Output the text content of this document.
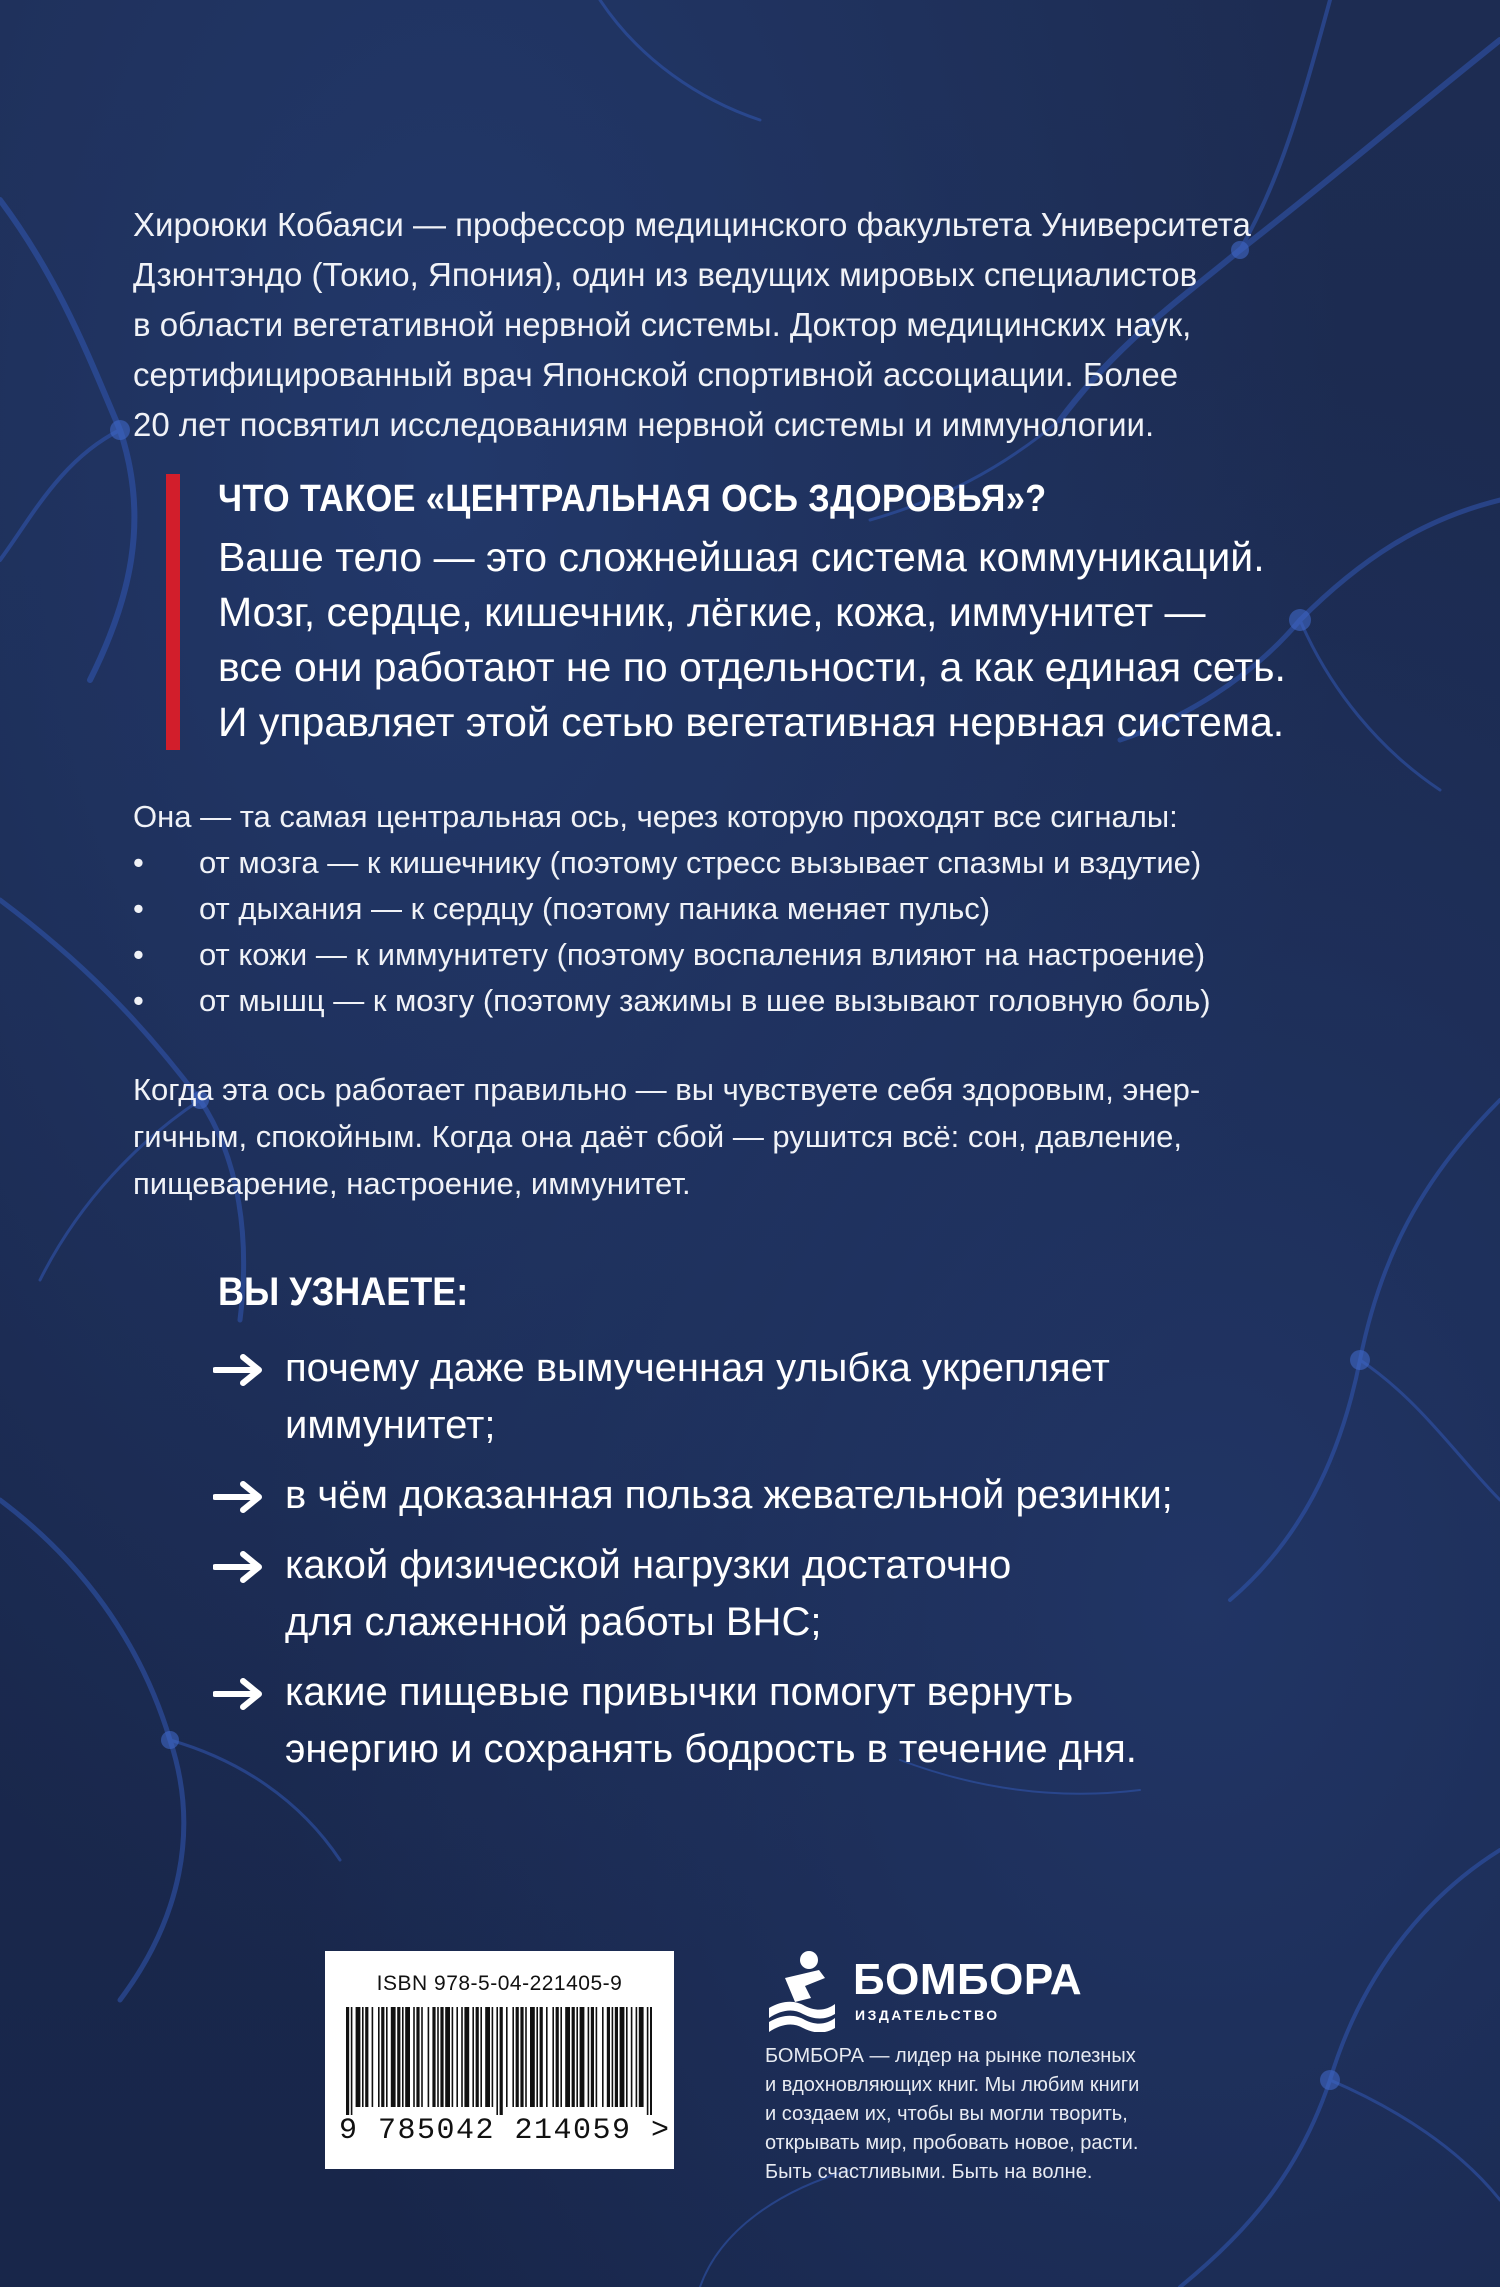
Хироюки Кобаяси — профессор медицинского факультета Университета
Дзюнтэндо (Токио, Япония), один из ведущих мировых специалистов
в области вегетативной нервной системы. Доктор медицинских наук,
сертифицированный врач Японской спортивной ассоциации. Более
20 лет посвятил исследованиям нервной системы и иммунологии.

ЧТО ТАКОЕ «ЦЕНТРАЛЬНАЯ ОСЬ ЗДОРОВЬЯ»?

Ваше тело — это сложнейшая система коммуникаций.
Мозг, сердце, кишечник, лёгкие, кожа, иммунитет —
все они работают не по отдельности, а как единая сеть.
И управляет этой сетью вегетативная нервная система.

Она — та самая центральная ось, через которую проходят все сигналы:

• от мозга — к кишечнику (поэтому стресс вызывает спазмы и вздутие)
• от дыхания — к сердцу (поэтому паника меняет пульс)
• от кожи — к иммунитету (поэтому воспаления влияют на настроение)
• от мышц — к мозгу (поэтому зажимы в шее вызывают головную боль)

Когда эта ось работает правильно — вы чувствуете себя здоровым, энер-
гичным, спокойным. Когда она даёт сбой — рушится всё: сон, давление,
пищеварение, настроение, иммунитет.

ВЫ УЗНАЕТЕ:
почему даже вымученная улыбка укрепляет
иммунитет;
в чём доказанная польза жевательной резинки;
какой физической нагрузки достаточно
для слаженной работы ВНС;
какие пищевые привычки помогут вернуть
энергию и сохранять бодрость в течение дня.
ISBN 978-5-04-221405-9
9 785042 214059 >
БОМБОРА
ИЗДАТЕЛЬСТВО

БОМБОРА — лидер на рынке полезных
и вдохновляющих книг. Мы любим книги
и создаем их, чтобы вы могли творить,
открывать мир, пробовать новое, расти.
Быть счастливыми. Быть на волне.
